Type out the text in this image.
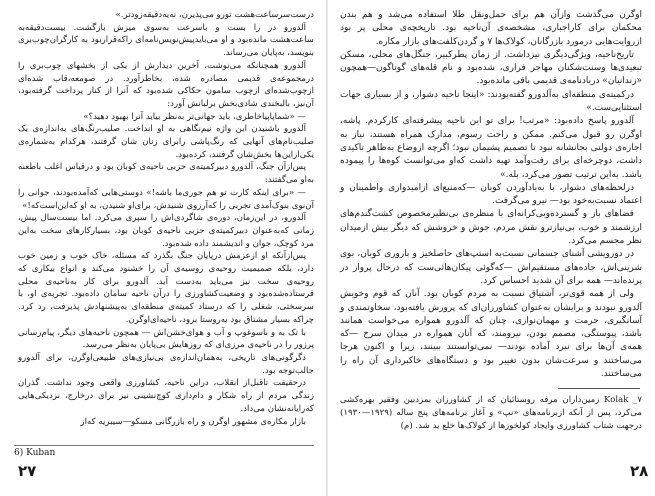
درست‌سرساعت‌هشت تورو می‌پذیرن، نه‌یه‌دقیقه‌زودتر.»

آلدورو در را بست و باسرعت به‌سوی میزش بازگشت. بیست‌دقیقه‌به ساعت‌هشت مانده‌بود و او می‌بایدپیش‌نویس‌نامه‌ای راکه‌قراربود به کارگران‌چوب‌بری بنویسد، به‌پایان می‌رساند.

آلدورو همچنانکه می‌نوشت، آخرین دیدارش از یکی از بخشهای چوب‌بری را درمجموعه‌ی قدیمی مصادره شده، بخاطرآورد. در صومعه،قاب شده‌ای ازچوب‌شده‌ای ازچوب سامون حکاکی شده‌بود که آنرا از کنار پرداخت گرفته‌بود، آن‌نیز، بالبخندی شادی‌بخش برلبانش آورد:

— «شماپاپیاخاطری، باید جهانی‌تر به‌نظر بیاید آنرا بهبود دهید؟»

آلدورو باشنیدن این واژه نیم‌نگاهی به او انداخت. صلیب‌رنگ‌های به‌اندازه‌ی یک صلیب‌نام‌های آنهایی که رنگ‌پاشی رابرای زنان شان گرفتند، هرکدام به‌شماره‌ی یکی‌ازاین‌ها بخش‌شان گرفتند، کرده‌بود.

پس‌ازآن جنگ، آلدورو دبیرکمیته‌ی حزبی ناحیه‌ی کوبان بود و درقیاس اغلب باطعنه به‌او می‌گفتند:

— «برای اینکه کارت تو هم جوری‌ما باشه!» دوستی‌هایی که‌آمده‌بودند، جوانی را آن‌نوی بنوک‌آمدی تجربی را که‌آرزوی شنیدش، برای‌او شنیدن، به او که‌این‌است‌که!»

آلدورو، در این‌زمان، دوره‌ی شاگردی‌اش را سپری می‌کرد. اما بیست‌سال پیش، زمانی که‌به‌عنوان دبیرکمیته‌ی حزبی ناحیه‌ی کوبان بود، بسیارکارهای سخت به‌این مرد کوچک، جوان و اندیشمند داده شده‌بود.

پس‌ازآنکه او ازعزمش درپایان جنگ بگذرد که مسئله، خاک خوب و زمین خوب دارد، بلکه صمیمیت روحیه‌ی روسیه‌ی آن را خشنود می‌کند و انواع بیکاری که روحیه‌ی سخت نیز می‌باید به‌دست آید. آلدورو برای کار به‌ناحیه‌ی محلی فرستاده‌شده‌بود و وضعیت‌کشاورزی را درآن ناحیه سامان داده‌بود. تجربه‌ی او، با سرسختی، شغلی را که درستاد کمیته‌ی منطقه‌ای به‌پیشنهادش پذیرفت، رد کرد. چراکه بسیار مشتاق بود به‌روستا برود، ناحیه‌ای‌اوگرن.

با تک به و ناسوغوپ و آب و هوای‌خشن‌اش — همچون ناحیه‌های دیگر، پیام‌رسانی پرزور را در ناحیه‌ی مرزی‌ای که روزهایش بی‌پایان به‌نظر می‌رسد.

دگرگونی‌های تاریخی، به‌همان‌اندازه‌ی بی‌نیازی‌های طبیعی‌اوگرن، برای آلدورو جالب‌توجه بود.

درحقیقت تاقبل‌از انقلاب، دراین ناحیه، کشاورزی واقعی وجود نداشت. گذران زندگی مردم از راه شکار و دام‌داری کوچ‌نشینی نیز برای درخارج، نزدیکی‌هایی که‌رایانه‌نشان می‌داد.

بازار مکاره‌ی مشهور اوگرن و راه بازرگانی مسکو—سیبریه که‌از

6) Kuban
۲۷

اوگرن می‌گذشت وازآن هم برای حمل‌ونقل طلا استفاده می‌شد و هم بندن محکمان برای کاراجباری، مشخصه‌ی آن‌ناحیه بود. تاریخچه‌ی محلی پر بود ازروایت‌هایی درمورد بازرگانان، کولاک‌ها ۷ و گردن‌کلفت‌های بازار مکاره.

تاریخ‌ناحیه، ویژگی‌دیگری نیزداشت. از زمان پطرکبیر، جنگل‌های محلی، مسکن تبعیدی‌ها وسنت‌شکنان مهاجر فراری، شده‌بود و نام قله‌های گوناگون—همچون «زندانیان» دربادنامه‌ی قدیمی باقی مانده‌بود.

درکمیته‌ی منطقه‌ای به‌آلدورو گفته‌بودند: «اینجا ناحیه دشوار، و از بسیاری جهات استثنایی‌ست.»

آلدورو پاسخ داده‌بود: «مرتب! برای تو این ناحیه پیشرفته‌ای کارکردم. پاشه، اوگرن رو قبول می‌کنم. ممکن و راحت رسوم، مدارک همراه هستند، نیاز به اجازه‌ی دولتی بجانشانه نبود تا تصمیم پشیمان نبود؛ اگرچه ازوضاع به‌ظاهر تاکیدی داشت، دوچرخه‌ای برای رفت‌وآمد تهیه داشت که‌او می‌توانست کوه‌ها را پیموده باشد. به‌این ترتیب تصور می‌کرد، بله.»

درلحظه‌های دشوار، با به‌یادآوردن کوبان —که‌منبع‌ای ازامیدواری واطمینان و اعتماد نسبت‌به‌خود بود— نیرو می‌گرفت.

فضاهای باز و گسترده‌وبی‌کرانه‌ای با منظره‌ی بی‌نظیرمخصوص کشت‌گندم‌های ارزشمند و خوب، بی‌نیازترو نقش مردم، جوش و خروشش که دیگر بیش ازمیدان نظر مجسم می‌کرد.

در دورویشی آشنای جسمانی نسبت‌به استپ‌های حاصلخیز و باروری کوبان، بوی شرینی‌اش، جاده‌های مستقیم‌اش —که‌گوئی پیکان‌هائی‌ست که درحال پرواز در پرنده‌اند— همه برای آن شدید احساس کرد.

ولی از همه قوی‌تر، آشتیاق نسبت به مردم کوبان بود. آنان که قوم وخویش آلدورو نبودند و برایشان به‌عنوان کشاورزان‌ای که پرورش یافته‌بود، سخاوتمندی و آسانگیری، حرمت و مهمان‌نوازی، چنان که آلدورو همواره می‌خواست همانند باشد، پیوستگی، مصمم بودن، نیرومند، که آنان همواره در میدان سرخ —که همه‌ی آن‌ها برای نبرد آماده بودند— نمی‌توانستند ببینند، زیرا و اکنون هرجا می‌ساختند و سرعت‌شان بدون تغییر بود و دستگاه‌های خاکبرداری آن راه را می‌ساختند.

۷_ Kolak زمین‌داران مرفه روستائیان که از کشاورزان بمزدبین وفقیر بهره‌کشی می‌کرد، پس از آنکه ازبرنامه‌های «نپ» و آغاز برنامه‌های پنج ساله (۱۹۲۹—۱۹۳۰) درجهت شتاب کشاورزی وایجاد کولخوزها از کولاک‌ها خلع ید شد. (م)
۲۸
